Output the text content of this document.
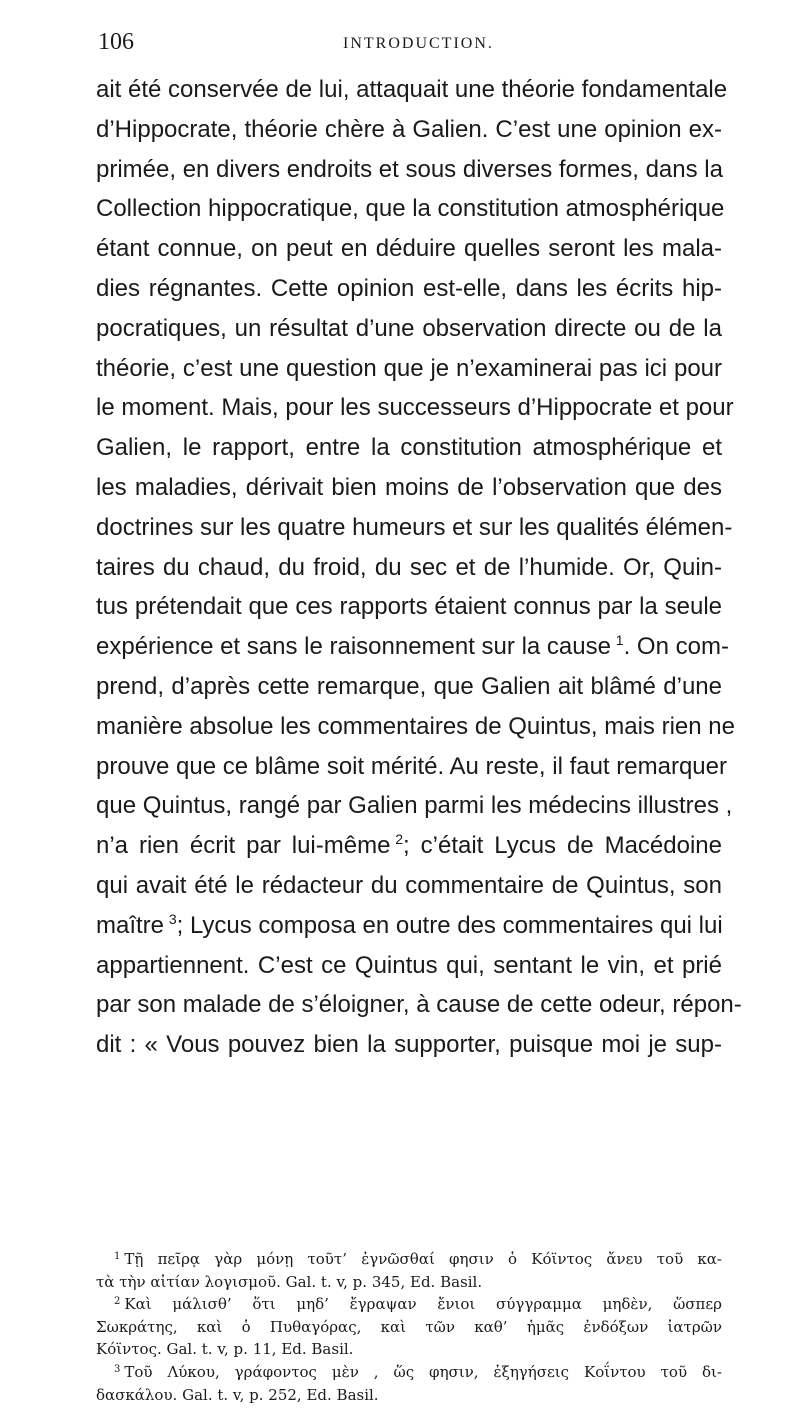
106	INTRODUCTION.
ait été conservée de lui, attaquait une théorie fondamentale
d’Hippocrate, théorie chère à Galien. C’est une opinion ex-
primée, en divers endroits et sous diverses formes, dans la
Collection hippocratique, que la constitution atmosphérique
étant connue, on peut en déduire quelles seront les mala-
dies régnantes. Cette opinion est-elle, dans les écrits hip-
pocratiques, un résultat d’une observation directe ou de la
théorie, c’est une question que je n’examinerai pas ici pour
le moment. Mais, pour les successeurs d’Hippocrate et pour
Galien, le rapport, entre la constitution atmosphérique et
les maladies, dérivait bien moins de l’observation que des
doctrines sur les quatre humeurs et sur les qualités élémen-
taires du chaud, du froid, du sec et de l’humide. Or, Quin-
tus prétendait que ces rapports étaient connus par la seule
expérience et sans le raisonnement sur la cause  $^1$. On com-
prend, d’après cette remarque, que Galien ait blâmé d’une
manière absolue les commentaires de Quintus, mais rien ne
prouve que ce blâme soit mérité. Au reste, il faut remarquer
que Quintus, rangé par Galien parmi les médecins illustres ,
n’a rien écrit par lui-même  $^2$; c’était Lycus de Macédoine
qui avait été le rédacteur du commentaire de Quintus, son
maître  $^3$; Lycus composa en outre des commentaires qui lui
appartiennent. C’est ce Quintus qui, sentant le vin, et prié
par son malade de s’éloigner, à cause de cette odeur, répon-
dit : « Vous pouvez bien la supporter, puisque moi je sup-
$^1$ Τῇ πεῖρᾳ γὰρ μόνῃ τοῦτ’ ἐγνῶσθαί φησιν ὁ Κόϊντος ἄνευ τοῦ κα-
τὰ τὴν αἰτίαν λογισμοῦ. Gal. t. v, p. 345, Ed. Basil.
$^2$ Καὶ μάλισθ’ ὅτι μηδ’ ἔγραψαν ἔνιοι σύγγραμμα μηδὲν, ὥσπερ
Σωκράτης, καὶ ὁ Πυθαγόρας, καὶ τῶν καθ’ ἡμᾶς ἐνδόξων ἰατρῶν
Κόϊντος. Gal. t. v, p. 11, Ed. Basil.
$^3$ Τοῦ Λύκου, γράφοντος μὲν , ὥς φησιν, ἐξηγήσεις Κοΐντου τοῦ δι-
δασκάλου. Gal. t. v, p. 252, Ed. Basil.
